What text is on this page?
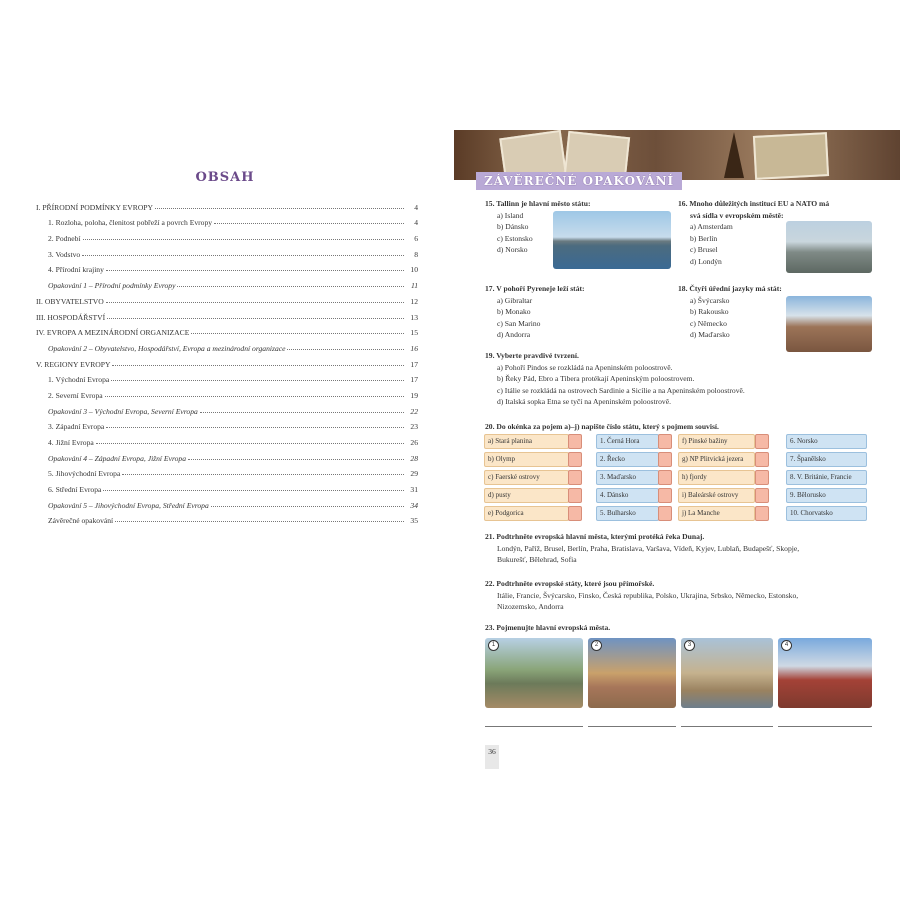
OBSAH
I. PŘÍRODNÍ PODMÍNKY EVROPY	4
1. Rozloha, poloha, členitost pobřeží a povrch Evropy	4
2. Podnebí	6
3. Vodstvo	8
4. Přírodní krajiny	10
Opakování 1 – Přírodní podmínky Evropy	11
II. OBYVATELSTVO	12
III. HOSPODÁŘSTVÍ	13
IV. EVROPA A MEZINÁRODNÍ ORGANIZACE	15
Opakování 2 – Obyvatelstvo, Hospodářství, Evropa a mezinárodní organizace	16
V. REGIONY EVROPY	17
1. Východní Evropa	17
2. Severní Evropa	19
Opakování 3 – Východní Evropa, Severní Evropa	22
3. Západní Evropa	23
4. Jižní Evropa	26
Opakování 4 – Západní Evropa, Jižní Evropa	28
5. Jihovýchodní Evropa	29
6. Střední Evropa	31
Opakování 5 – Jihovýchodní Evropa, Střední Evropa	34
Závěrečné opakování	35
ZÁVĚREČNÉ OPAKOVÁNÍ
15. Tallinn je hlavní město státu:
a) Island
b) Dánsko
c) Estonsko
d) Norsko
16. Mnoho důležitých institucí EU a NATO má
svá sídla v evropském městě:
a) Amsterdam
b) Berlín
c) Brusel
d) Londýn
17. V pohoří Pyreneje leží stát:
a) Gibraltar
b) Monako
c) San Marino
d) Andorra
18. Čtyři úřední jazyky má stát:
a) Švýcarsko
b) Rakousko
c) Německo
d) Maďarsko
19. Vyberte pravdivé tvrzení.
a) Pohoří Pindos se rozkládá na Apeninském poloostrově.
b) Řeky Pád, Ebro a Tibera protékají Apeninským poloostrovem.
c) Itálie se rozkládá na ostrovech Sardinie a Sicílie a na Apeninském poloostrově.
d) Italská sopka Etna se tyčí na Apeninském poloostrově.
20. Do okénka za pojem a)–j) napište číslo státu, který s pojmem souvisí.
a) Stará planina
b) Olymp
c) Faerské ostrovy
d) pusty
e) Podgorica
1. Černá Hora
2. Řecko
3. Maďarsko
4. Dánsko
5. Bulharsko
f) Pinské bažiny
g) NP Plitvická jezera
h) fjordy
i) Baleárské ostrovy
j) La Manche
6. Norsko
7. Španělsko
8. V. Británie, Francie
9. Bělorusko
10. Chorvatsko
21. Podtrhněte evropská hlavní města, kterými protéká řeka Dunaj.
Londýn, Paříž, Brusel, Berlín, Praha, Bratislava, Varšava, Vídeň, Kyjev, Lublaň, Budapešť, Skopje,
Bukurešť, Bělehrad, Sofia
22. Podtrhněte evropské státy, které jsou přímořské.
Itálie, Francie, Švýcarsko, Finsko, Česká republika, Polsko, Ukrajina, Srbsko, Německo, Estonsko,
Nizozemsko, Andorra
23. Pojmenujte hlavní evropská města.
1	2	3	4
36
